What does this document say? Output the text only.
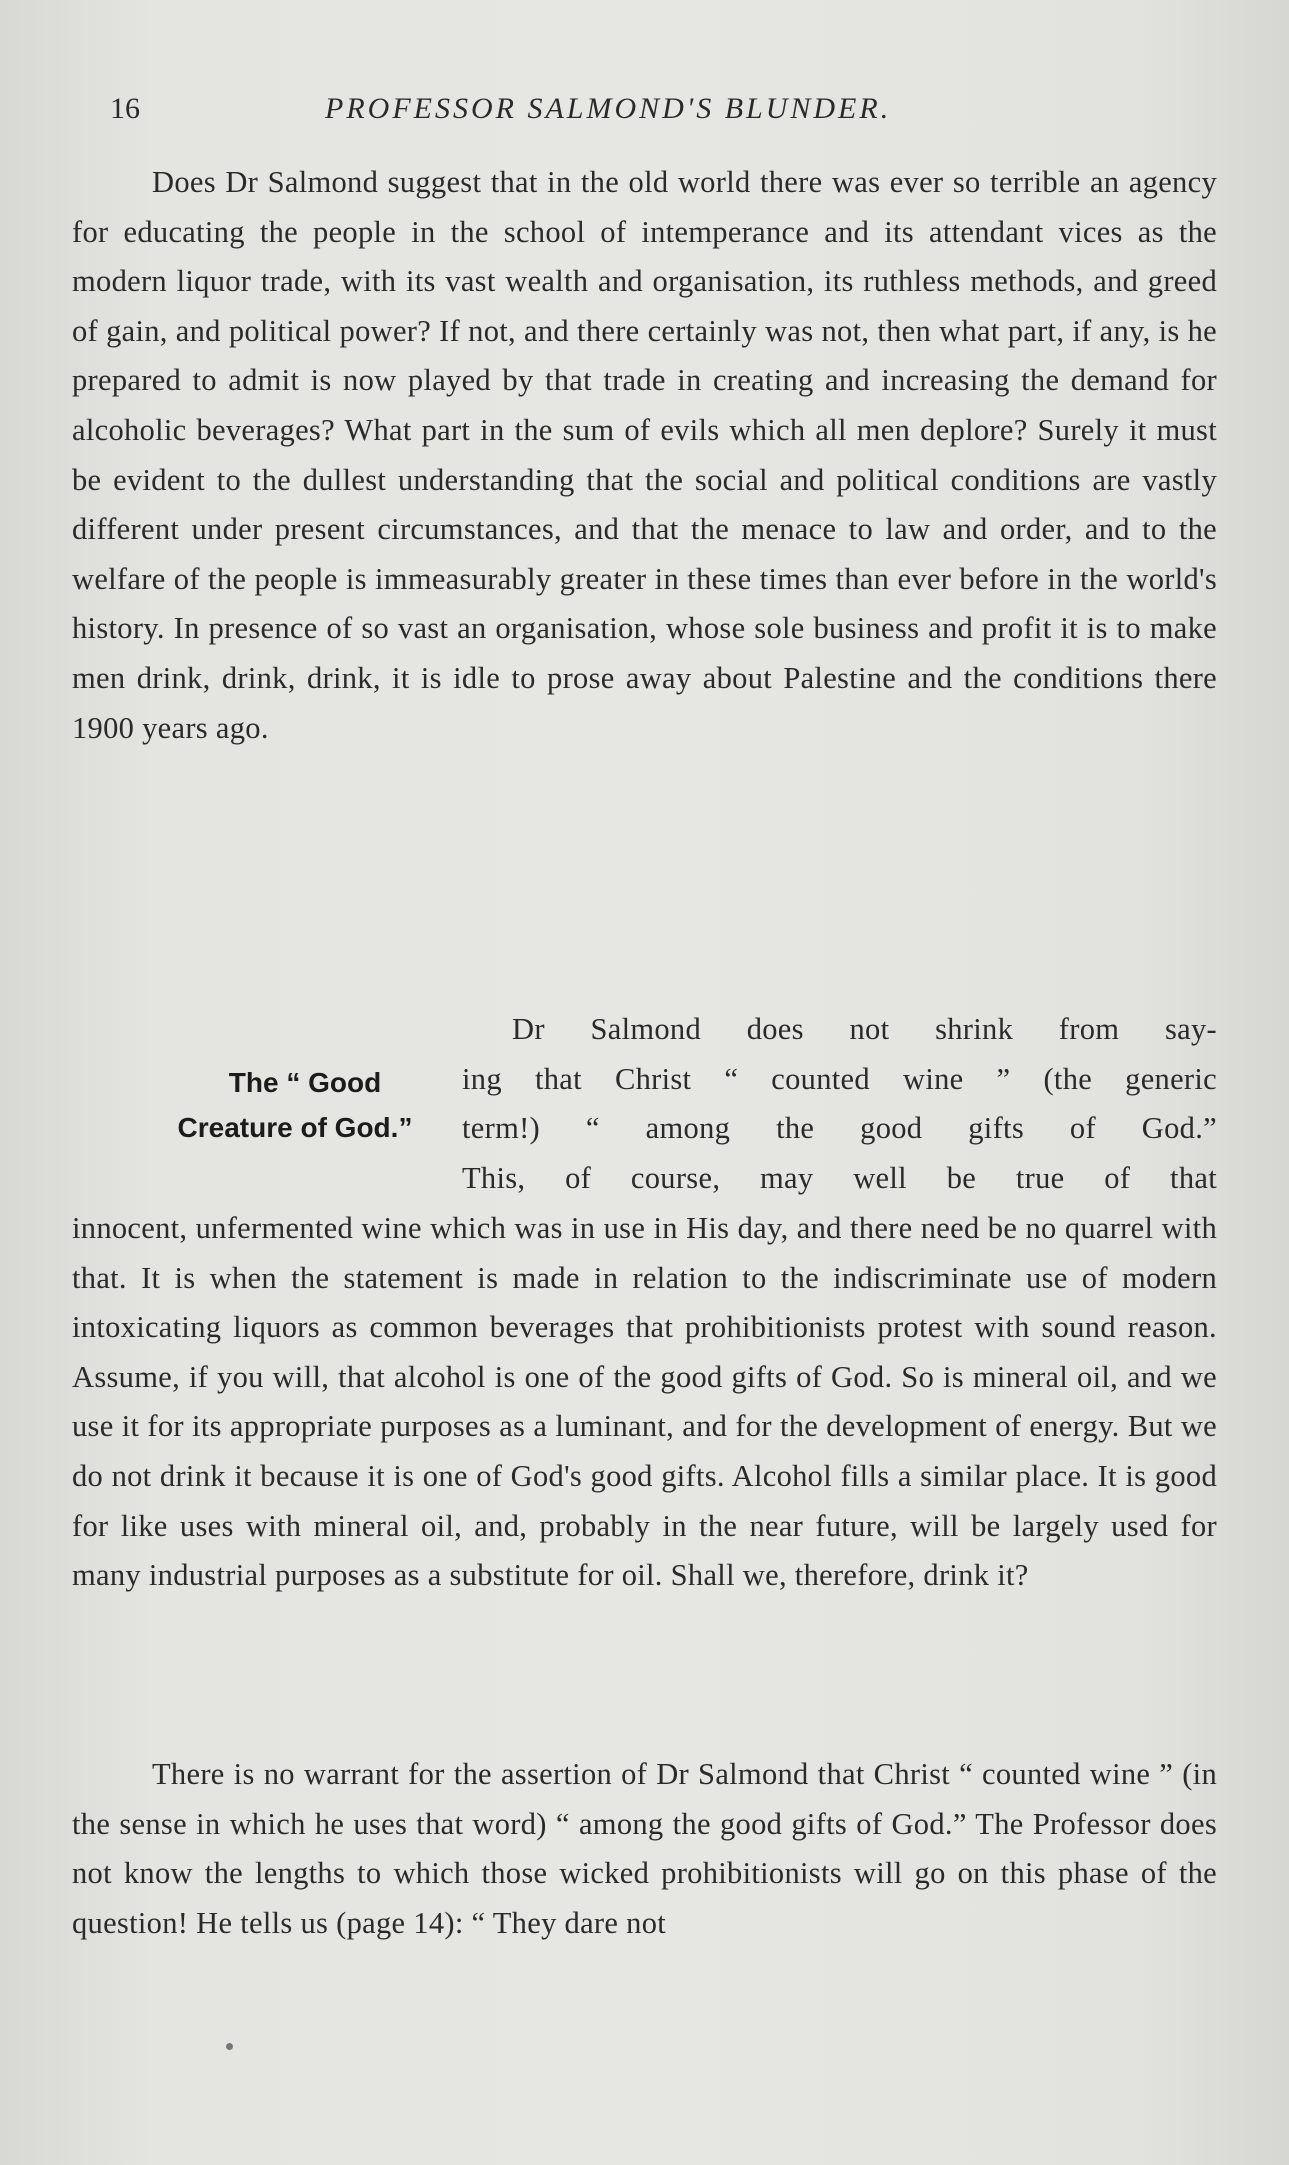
16	PROFESSOR SALMOND'S BLUNDER.

Does Dr Salmond suggest that in the old world there was ever so terrible an agency for educating the people in the school of intemperance and its attendant vices as the modern liquor trade, with its vast wealth and organisation, its ruthless methods, and greed of gain, and political power? If not, and there certainly was not, then what part, if any, is he prepared to admit is now played by that trade in creating and increasing the demand for alcoholic beverages? What part in the sum of evils which all men deplore? Surely it must be evident to the dullest understanding that the social and political conditions are vastly different under present circumstances, and that the menace to law and order, and to the welfare of the people is immeasurably greater in these times than ever before in the world's history. In presence of so vast an organisation, whose sole business and profit it is to make men drink, drink, drink, it is idle to prose away about Palestine and the conditions there 1900 years ago.

The “ Good
Creature of God.”
Dr Salmond does not shrink from say-
ing that Christ “ counted wine ” (the generic
term!) “ among the good gifts of God.”
This, of course, may well be true of that

innocent, unfermented wine which was in use in His day, and there need be no quarrel with that. It is when the statement is made in relation to the indiscriminate use of modern intoxicating liquors as common beverages that prohibitionists protest with sound reason. Assume, if you will, that alcohol is one of the good gifts of God. So is mineral oil, and we use it for its appropriate purposes as a luminant, and for the development of energy. But we do not drink it because it is one of God's good gifts. Alcohol fills a similar place. It is good for like uses with mineral oil, and, probably in the near future, will be largely used for many industrial purposes as a substitute for oil. Shall we, therefore, drink it?

There is no warrant for the assertion of Dr Salmond that Christ “ counted wine ” (in the sense in which he uses that word) “ among the good gifts of God.” The Professor does not know the lengths to which those wicked prohibitionists will go on this phase of the question! He tells us (page 14): “ They dare not
